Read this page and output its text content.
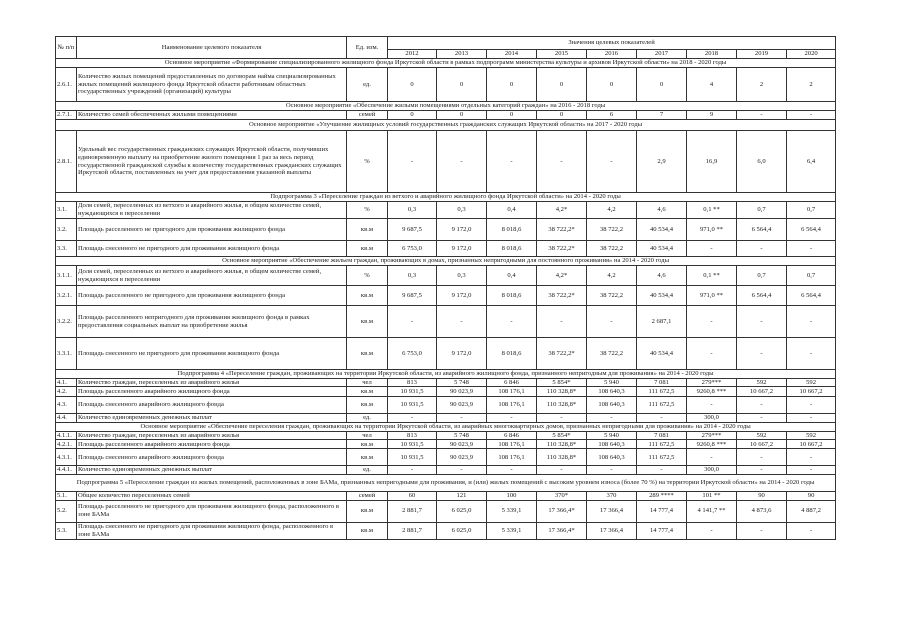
№ п/п	Наименование целевого показателя	Ед. изм.	Значения целевых показателей								
			2012	2013	2014	2015	2016	2017	2018	2019	2020
Основное мероприятие «Формирование специализированного жилищного фонда Иркутской области в рамках подпрограмм министерства культуры и архивов Иркутской области» на 2018 - 2020 годы											
2.6.1.	Количество жилых помещений предоставленных по договорам найма специализированных жилых помещений жилищного фонда Иркутской области работникам областных государственных учреждений (организаций) культуры	ед.	0	0	0	0	0	0	4	2	2
Основное мероприятие «Обеспечение жилыми помещениями отдельных категорий граждан» на 2016 - 2018 годы											
2.7.1.	Количество семей обеспеченных жилыми помещениями	семей	0	0	0	0	6	7	9	-	-
Основное мероприятие «Улучшение жилищных условий государственных гражданских служащих Иркутской области» на 2017 - 2020 годы											
2.8.1.	Удельный вес государственных гражданских служащих Иркутской области, получивших единовременную выплату на приобретение жилого помещения 1 раз за весь период государственной гражданской службы к количеству государственных гражданских служащих Иркутской области, поставленных на учет для предоставления указанной выплаты	%	-	-	-	-	-	2,9	16,9	6,0	6,4
Подпрограмма 3 «Переселение граждан из ветхого и аварийного жилищного фонда Иркутской области» на 2014 - 2020 годы											
3.1.	Доля семей, переселенных из ветхого и аварийного жилья, в общем количестве семей, нуждающихся в переселении	%	0,3	0,3	0,4	4,2*	4,2	4,6	0,1 **	0,7	0,7
3.2.	Площадь расселенного не пригодного для проживания жилищного фонда	кв.м	9 687,5	9 172,0	8 018,6	38 722,2*	38 722,2	40 534,4	971,0 **	6 564,4	6 564,4
3.3.	Площадь снесенного не пригодного для проживания жилищного фонда	кв.м	6 753,0	9 172,0	8 018,6	38 722,2*	38 722,2	40 534,4	-	-	-
Основное мероприятие «Обеспечение жильем граждан, проживающих в домах, признанных непригодными для постоянного проживания» на 2014 - 2020 годы											
3.1.1.	Доля семей, переселенных из ветхого и аварийного жилья, в общем количестве семей, нуждающихся в переселении	%	0,3	0,3	0,4	4,2*	4,2	4,6	0,1 **	0,7	0,7
3.2.1.	Площадь расселенного не пригодного для проживания жилищного фонда	кв.м	9 687,5	9 172,0	8 018,6	38 722,2*	38 722,2	40 534,4	971,0 **	6 564,4	6 564,4
3.2.2.	Площадь расселенного непригодного для проживания жилищного фонда в рамках предоставления социальных выплат на приобретение жилья	кв.м	-	-	-	-	-	2 687,1	-	-	-
3.3.1.	Площадь снесенного не пригодного для проживания жилищного фонда	кв.м	6 753,0	9 172,0	8 018,6	38 722,2*	38 722,2	40 534,4	-	-	-
Подпрограмма 4 «Переселение граждан, проживающих на территории Иркутской области, из аварийного жилищного фонда, признанного непригодным для проживания» на 2014 - 2020 годы											
4.1.	Количество граждан, переселенных из аварийного жилья	чел	813	5 748	6 846	5 854*	5 940	7 081	279***	592	592
4.2.	Площадь расселенного аварийного жилищного фонда	кв.м	10 931,5	90 023,9	108 176,1	110 328,8*	108 640,3	111 672,5	9260,8 ***	10 667,2	10 667,2
4.3.	Площадь снесенного аварийного жилищного фонда	кв.м	10 931,5	90 023,9	108 176,1	110 328,8*	108 640,3	111 672,5	-	-	-
4.4.	Количество единовременных денежных выплат	ед.	-	-	-	-	-	-	300,0	-	-
Основное мероприятие «Обеспечение переселения граждан, проживающих на территории Иркутской области, из аварийных многоквартирных домов, признанных непригодными для проживания» на 2014 - 2020 годы											
4.1.1.	Количество граждан, переселенных из аварийного жилья	чел	813	5 748	6 846	5 854*	5 940	7 081	279***	592	592
4.2.1.	Площадь расселенного аварийного жилищного фонда	кв.м	10 931,5	90 023,9	108 176,1	110 328,8*	108 640,3	111 672,5	9260,8 ***	10 667,2	10 667,2
4.3.1.	Площадь снесенного аварийного жилищного фонда	кв.м	10 931,5	90 023,9	108 176,1	110 328,8*	108 640,3	111 672,5	-	-	-
4.4.1.	Количество единовременных денежных выплат	ед.	-	-	-	-	-	-	300,0	-	-
Подпрограмма 5 «Переселение граждан из жилых помещений, расположенных в зоне БАМа, признанных непригодными для проживания, и (или) жилых помещений с высоким уровнем износа (более 70 %) на территории Иркутской области» на 2014 - 2020 годы											
5.1.	Общее количество переселенных семей	семей	60	121	100	370*	370	289 ****	101 **	90	90
5.2.	Площадь расселенного не пригодного для проживания жилищного фонда, расположенного в зоне БАМа	кв.м	2 881,7	6 025,0	5 339,1	17 366,4*	17 366,4	14 777,4	4 141,7 **	4 873,6	4 887,2
5.3.	Площадь снесенного не пригодного для проживания жилищного фонда, расположенного в зоне БАМа	кв.м	2 881,7	6 025,0	5 339,1	17 366,4*	17 366,4	14 777,4	-	-	-
